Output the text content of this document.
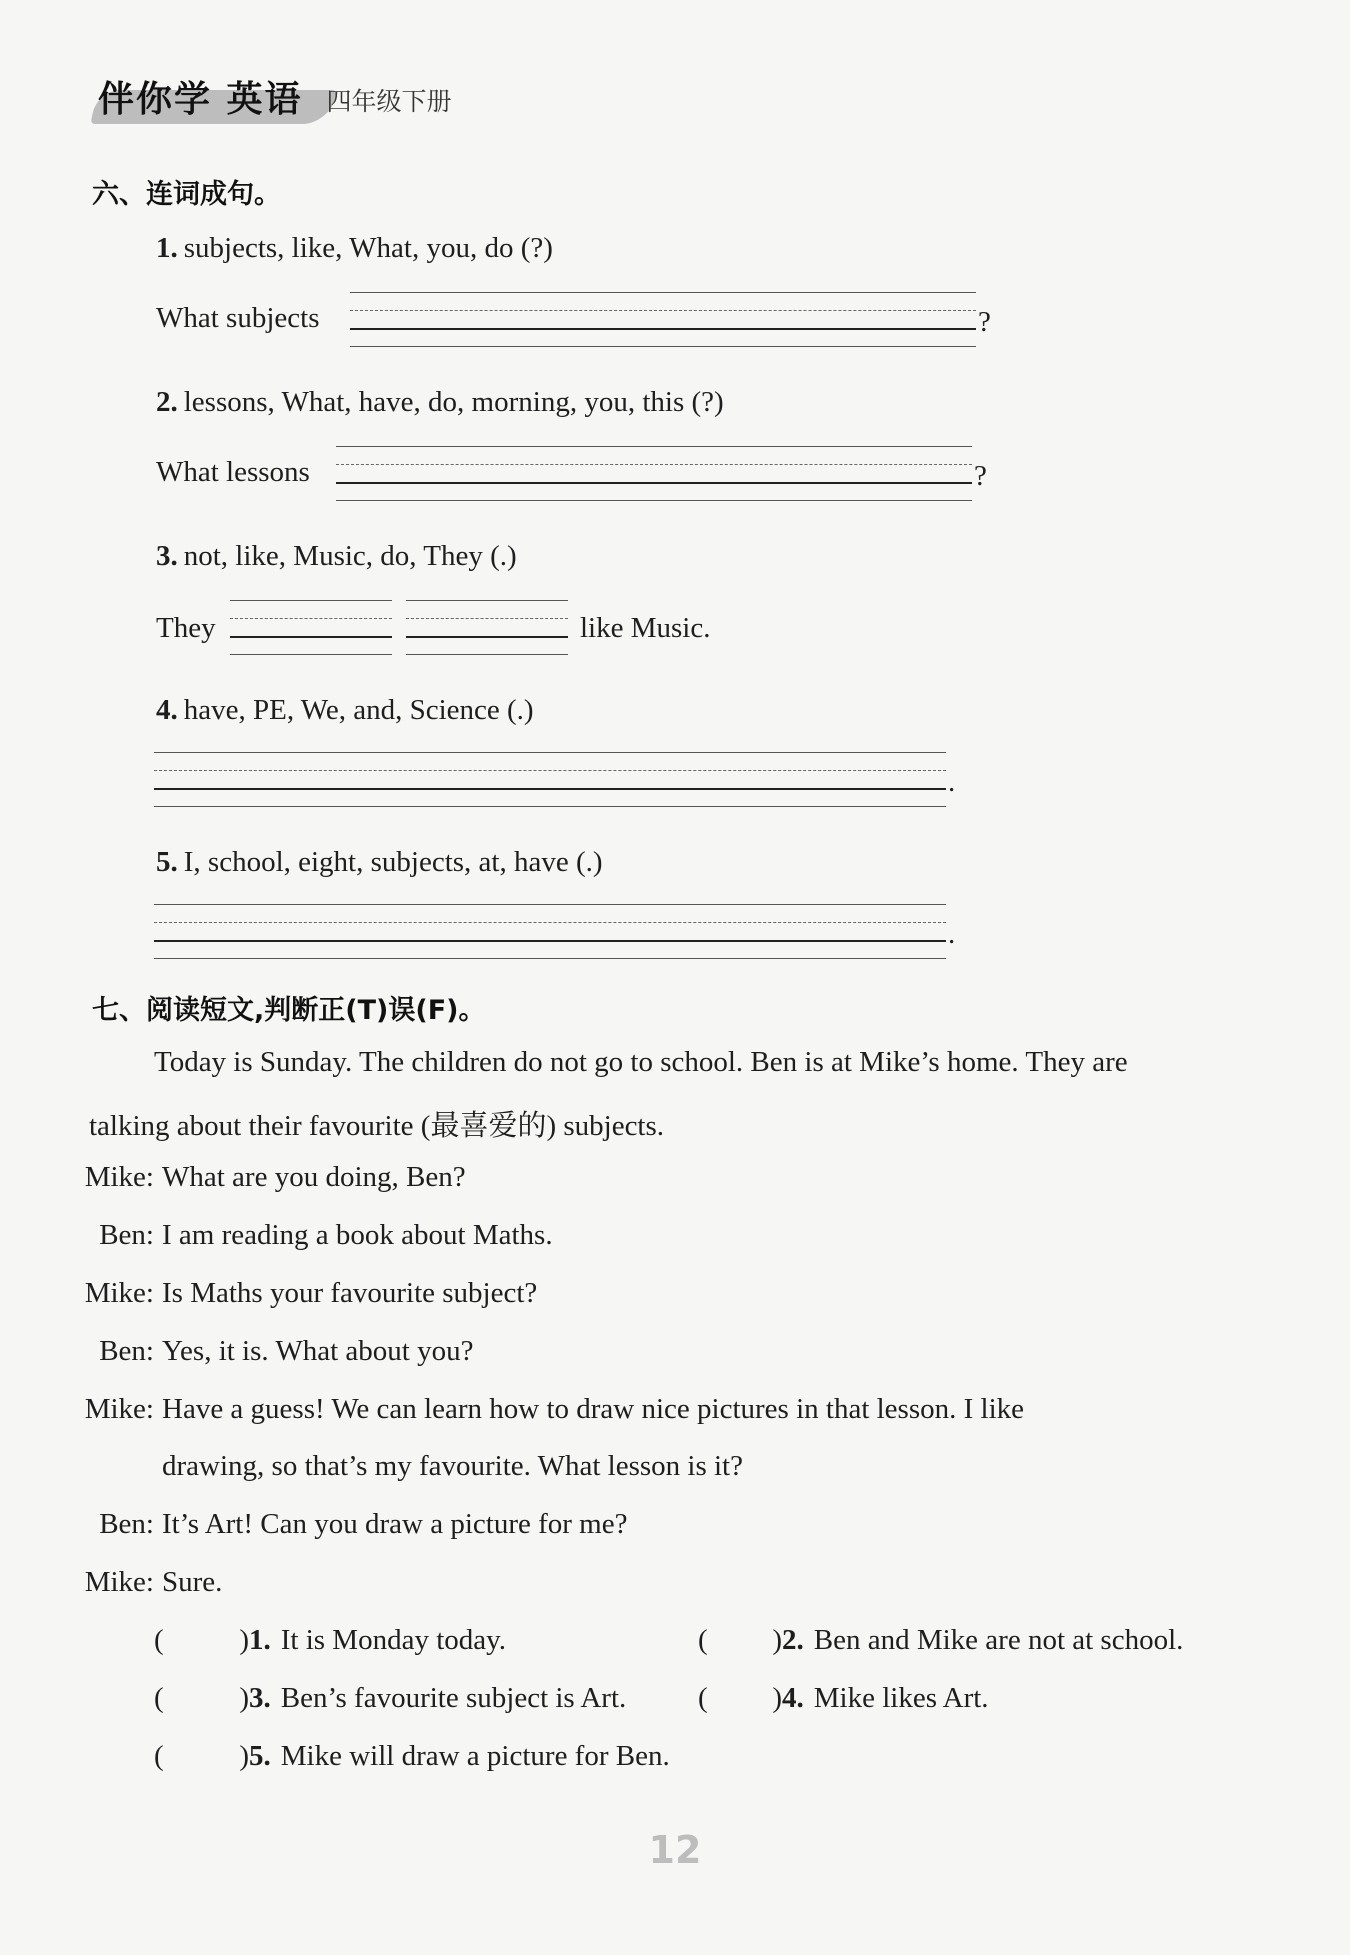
伴你学 英语 四年级下册
六、连词成句。
1. subjects, like, What, you, do (?)
What subjects	?
2. lessons, What, have, do, morning, you, this (?)
What lessons	?
3. not, like, Music, do, They (.)
They	like Music.
4. have, PE, We, and, Science (.)
.
5. I, school, eight, subjects, at, have (.)
.
七、阅读短文,判断正(T)误(F)。
Today is Sunday. The children do not go to school. Ben is at Mike’s home. They are
talking about their favourite (最喜爱的) subjects.
Mike: What are you doing, Ben?
Ben: I am reading a book about Maths.
Mike: Is Maths your favourite subject?
Ben: Yes, it is. What about you?
Mike: Have a guess! We can learn how to draw nice pictures in that lesson. I like
drawing, so that’s my favourite. What lesson is it?
Ben: It’s Art! Can you draw a picture for me?
Mike: Sure.
(	) 1. It is Monday today.	( ) 2. Ben and Mike are not at school.
(	) 3. Ben’s favourite subject is Art. ( ) 4. Mike likes Art.
(	) 5. Mike will draw a picture for Ben.
12
